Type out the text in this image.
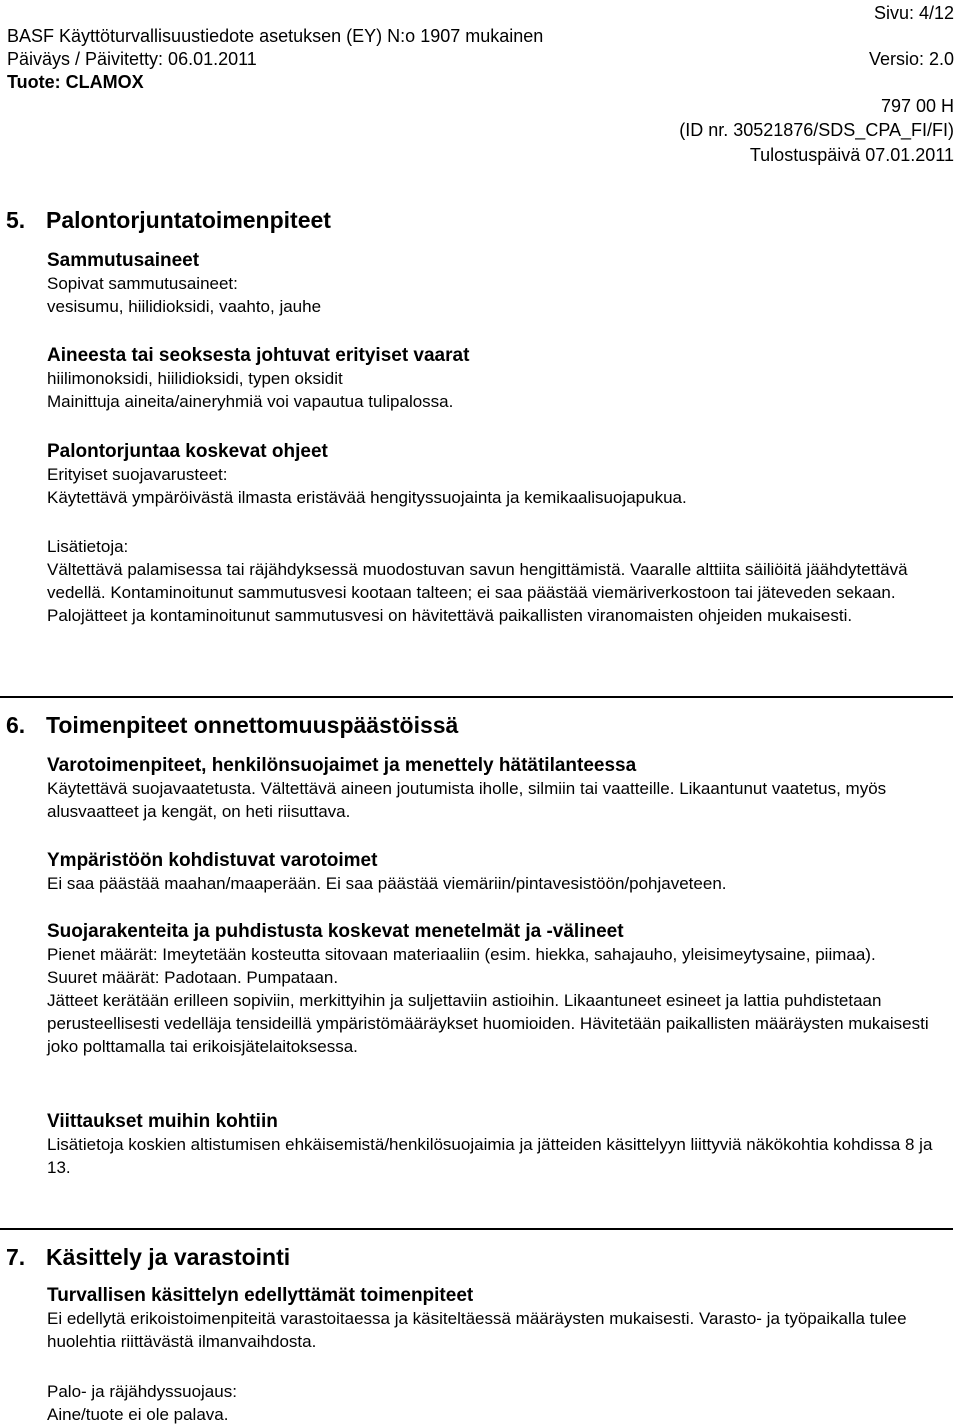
BASF Käyttöturvallisuustiedote asetuksen (EY) N:o 1907 mukainen
Sivu: 4/12
Päiväys / Päivitetty: 06.01.2011	Versio: 2.0
Tuote: CLAMOX
797 00 H
(ID nr. 30521876/SDS_CPA_FI/FI)
Tulostuspäivä 07.01.2011
5. Palontorjuntatoimenpiteet
Sammutusaineet

Sopivat sammutusaineet:

vesisumu, hiilidioksidi, vaahto, jauhe

Aineesta tai seoksesta johtuvat erityiset vaarat

hiilimonoksidi, hiilidioksidi, typen oksidit

Mainittuja aineita/aineryhmiä voi vapautua tulipalossa.

Palontorjuntaa koskevat ohjeet

Erityiset suojavarusteet:

Käytettävä ympäröivästä ilmasta eristävää hengityssuojainta ja kemikaalisuojapukua.

Lisätietoja:

Vältettävä palamisessa tai räjähdyksessä muodostuvan savun hengittämistä. Vaaralle alttiita säiliöitä jäähdytettävä vedellä. Kontaminoitunut sammutusvesi kootaan talteen; ei saa päästää viemäriverkostoon tai jäteveden sekaan. Palojätteet ja kontaminoitunut sammutusvesi on hävitettävä paikallisten viranomaisten ohjeiden mukaisesti.

6. Toimenpiteet onnettomuuspäästöissä
Varotoimenpiteet, henkilönsuojaimet ja menettely hätätilanteessa

Käytettävä suojavaatetusta. Vältettävä aineen joutumista iholle, silmiin tai vaatteille. Likaantunut vaatetus, myös alusvaatteet ja kengät, on heti riisuttava.

Ympäristöön kohdistuvat varotoimet

Ei saa päästää maahan/maaperään. Ei saa päästää viemäriin/pintavesistöön/pohjaveteen.

Suojarakenteita ja puhdistusta koskevat menetelmät ja -välineet

Pienet määrät: Imeytetään kosteutta sitovaan materiaaliin (esim. hiekka, sahajauho, yleisimeytysaine, piimaa).

Suuret määrät: Padotaan. Pumpataan.

Jätteet kerätään erilleen sopiviin, merkittyihin ja suljettaviin astioihin. Likaantuneet esineet ja lattia puhdistetaan perusteellisesti vedelläja tensideillä ympäristömääräykset huomioiden. Hävitetään paikallisten määräysten mukaisesti joko polttamalla tai erikoisjätelaitoksessa.

Viittaukset muihin kohtiin

Lisätietoja koskien altistumisen ehkäisemistä/henkilösuojaimia ja jätteiden käsittelyyn liittyviä näkökohtia kohdissa 8 ja 13.

7. Käsittely ja varastointi
Turvallisen käsittelyn edellyttämät toimenpiteet

Ei edellytä erikoistoimenpiteitä varastoitaessa ja käsiteltäessä määräysten mukaisesti. Varasto- ja työpaikalla tulee huolehtia riittävästä ilmanvaihdosta.

Palo- ja räjähdyssuojaus:

Aine/tuote ei ole palava.
